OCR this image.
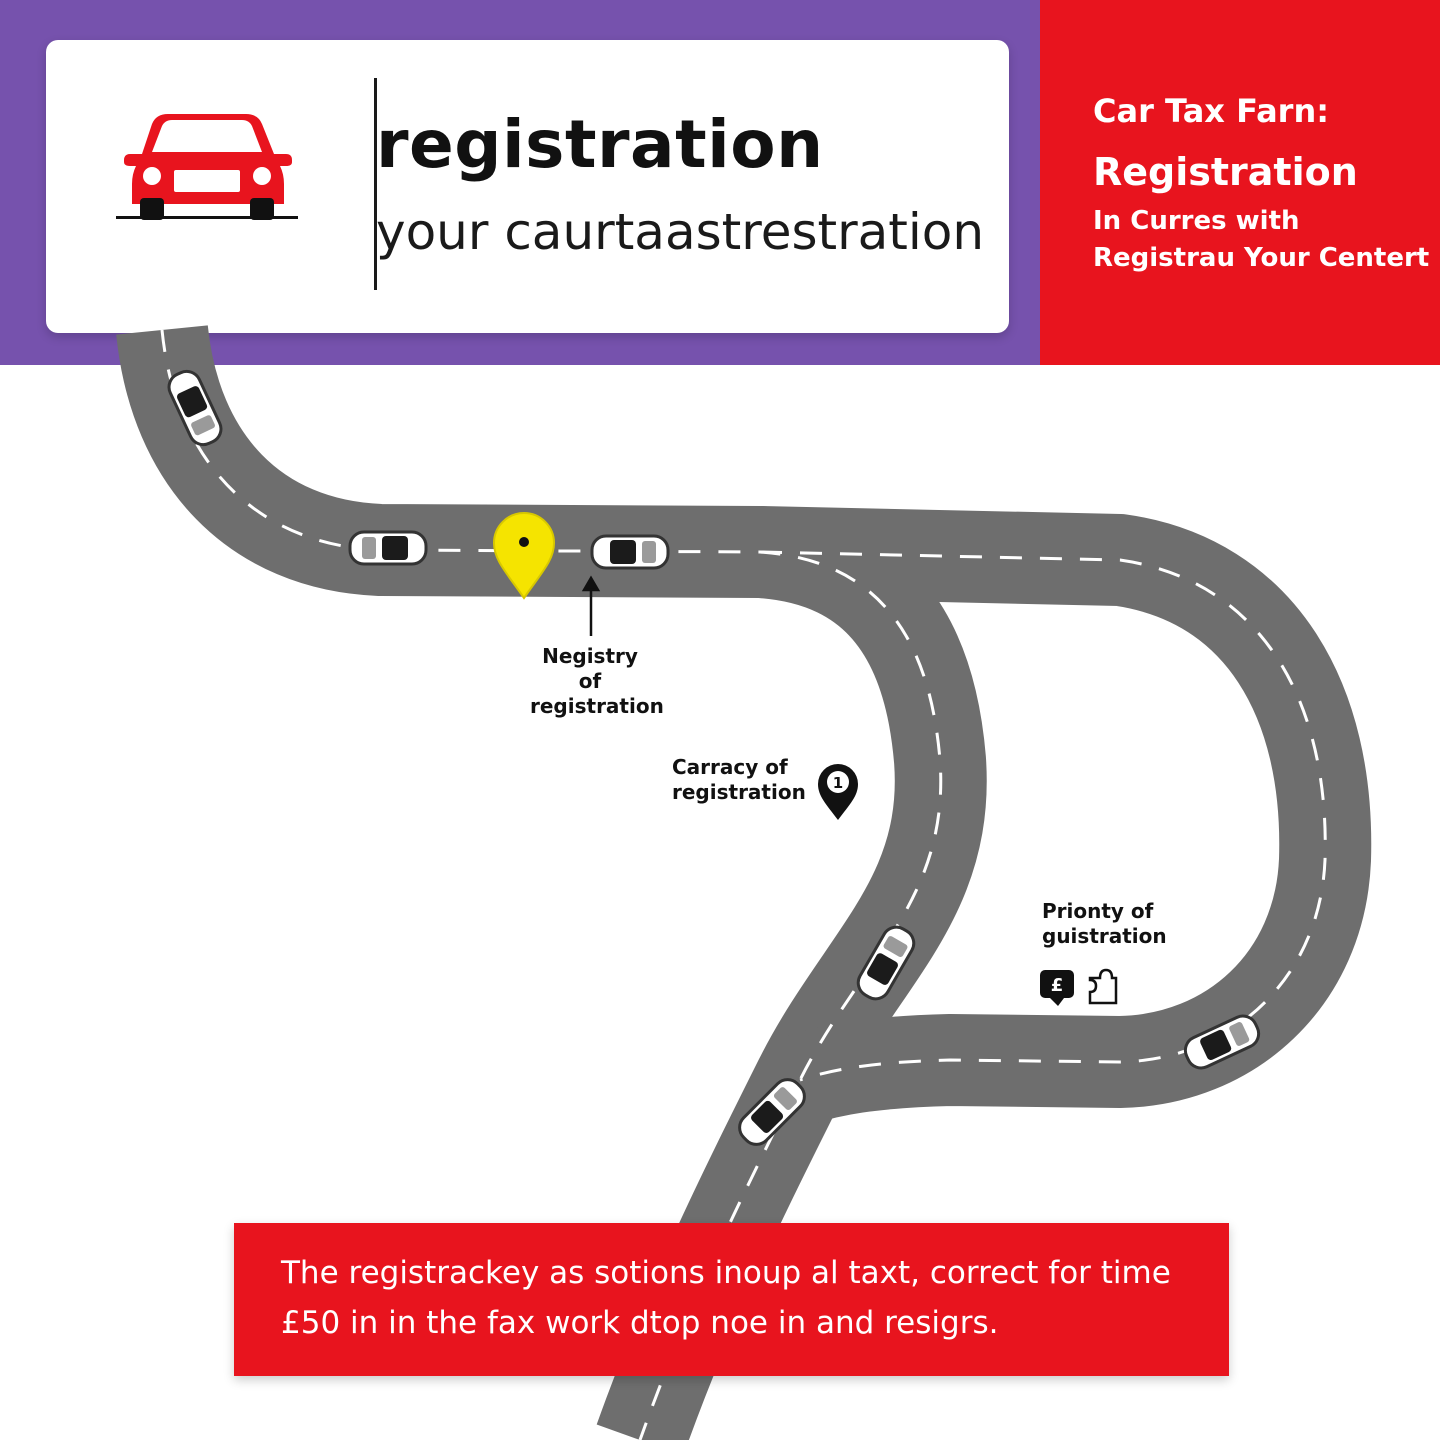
registration
your caurtaastrestration
Car Tax Farn:
Registration
In Curres with
Registrau Your Centert
1
£
Negistry of
registration
Carracy of
registration
Prionty of
guistration
The registrackey as sotions inoup al taxt, correct for time
£50 in in the fax work dtop noe in and resigrs.
